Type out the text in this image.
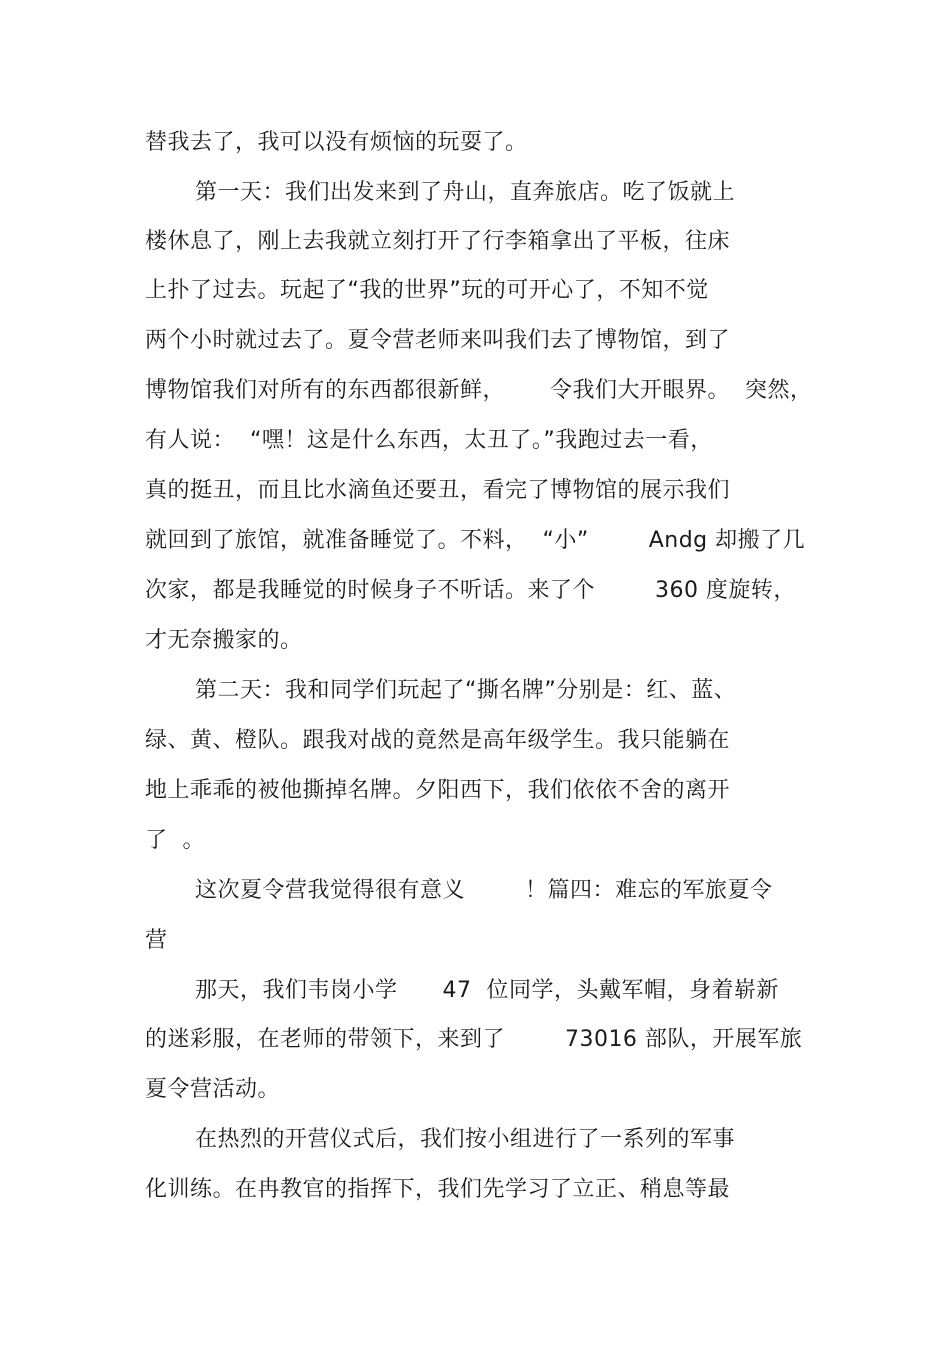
替我去了，我可以没有烦恼的玩耍了。
第一天：我们出发来到了舟山，直奔旅店。吃了饭就上
楼休息了，刚上去我就立刻打开了行李箱拿出了平板，往床
上扑了过去。玩起了“我的世界”玩的可开心了，不知不觉
两个小时就过去了。夏令营老师来叫我们去了博物馆，到了
博物馆我们对所有的东西都很新鲜，      令我们大开眼界。  突然，
有人说：  “嘿！这是什么东西，太丑了。”我跑过去一看，
真的挺丑，而且比水滴鱼还要丑，看完了博物馆的展示我们
就回到了旅馆，就准备睡觉了。不料，  “小”        Andg 却搬了几
次家，都是我睡觉的时候身子不听话。来了个        360 度旋转，
才无奈搬家的。
第二天：我和同学们玩起了“撕名牌”分别是：红、蓝、
绿、黄、橙队。跟我对战的竟然是高年级学生。我只能躺在
地上乖乖的被他撕掉名牌。夕阳西下，我们依依不舍的离开
了  。
这次夏令营我觉得很有意义        ！篇四：难忘的军旅夏令
营
那天，我们韦岗小学      47  位同学，头戴军帽，身着崭新
的迷彩服，在老师的带领下，来到了        73016 部队，开展军旅
夏令营活动。
在热烈的开营仪式后，我们按小组进行了一系列的军事
化训练。在冉教官的指挥下，我们先学习了立正、稍息等最
